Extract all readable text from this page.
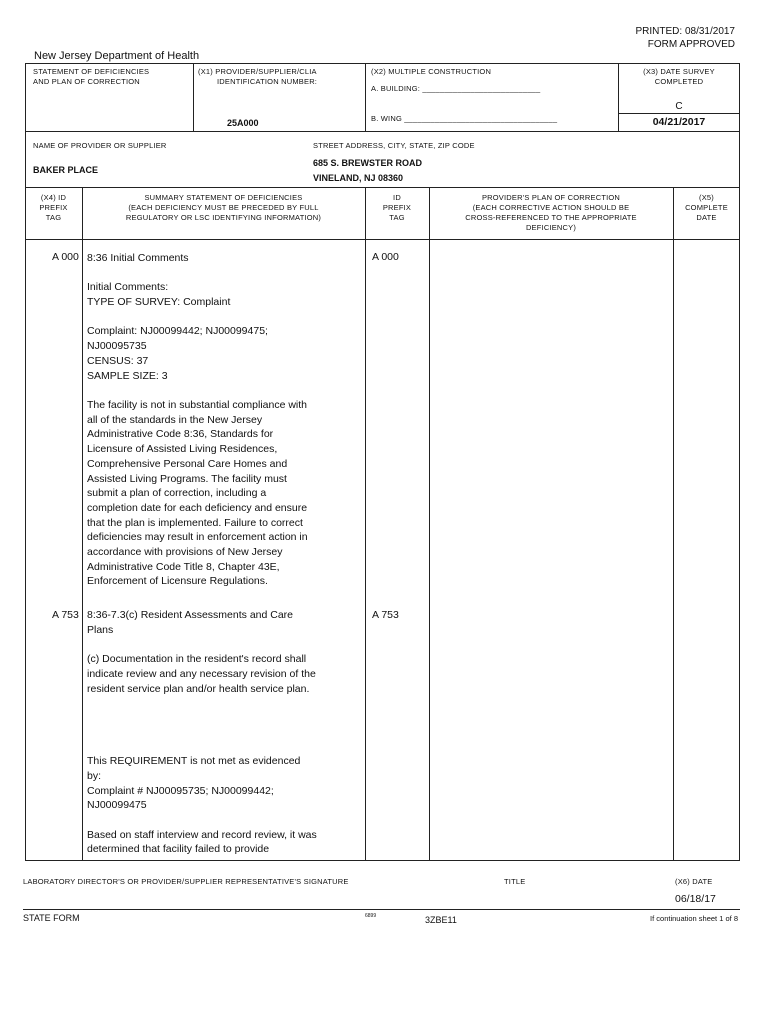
PRINTED: 08/31/2017
FORM APPROVED
New Jersey Department of Health
STATEMENT OF DEFICIENCIES
AND PLAN OF CORRECTION
(X1) PROVIDER/SUPPLIER/CLIA
IDENTIFICATION NUMBER:
25A000
(X2) MULTIPLE CONSTRUCTION
A. BUILDING: ___________________________
B. WING ___________________________________
(X3) DATE SURVEY
COMPLETED
C
04/21/2017
NAME OF PROVIDER OR SUPPLIER
BAKER PLACE
STREET ADDRESS, CITY, STATE, ZIP CODE
685 S. BREWSTER ROAD
VINELAND, NJ 08360
(X4) ID
PREFIX
TAG
SUMMARY STATEMENT OF DEFICIENCIES
(EACH DEFICIENCY MUST BE PRECEDED BY FULL
REGULATORY OR LSC IDENTIFYING INFORMATION)
ID
PREFIX
TAG
PROVIDER'S PLAN OF CORRECTION
(EACH CORRECTIVE ACTION SHOULD BE
CROSS-REFERENCED TO THE APPROPRIATE
DEFICIENCY)
(X5)
COMPLETE
DATE
A 000	A 000
8:36 Initial Comments
Initial Comments:
TYPE OF SURVEY: Complaint
Complaint: NJ00099442; NJ00099475;
NJ00095735
CENSUS: 37
SAMPLE SIZE: 3
The facility is not in substantial compliance with
all of the standards in the New Jersey
Administrative Code 8:36, Standards for
Licensure of Assisted Living Residences,
Comprehensive Personal Care Homes and
Assisted Living Programs. The facility must
submit a plan of correction, including a
completion date for each deficiency and ensure
that the plan is implemented. Failure to correct
deficiencies may result in enforcement action in
accordance with provisions of New Jersey
Administrative Code Title 8, Chapter 43E,
Enforcement of Licensure Regulations.
A 753	A 753
8:36-7.3(c) Resident Assessments and Care
Plans
(c) Documentation in the resident's record shall
indicate review and any necessary revision of the
resident service plan and/or health service plan.
This REQUIREMENT is not met as evidenced
by:
Complaint # NJ00095735; NJ00099442;
NJ00099475
Based on staff interview and record review, it was
determined that facility failed to provide
LABORATORY DIRECTOR'S OR PROVIDER/SUPPLIER REPRESENTATIVE'S SIGNATURE	TITLE	(X6) DATE
06/18/17
STATE FORM	6899	3ZBE11	If continuation sheet 1 of 8
